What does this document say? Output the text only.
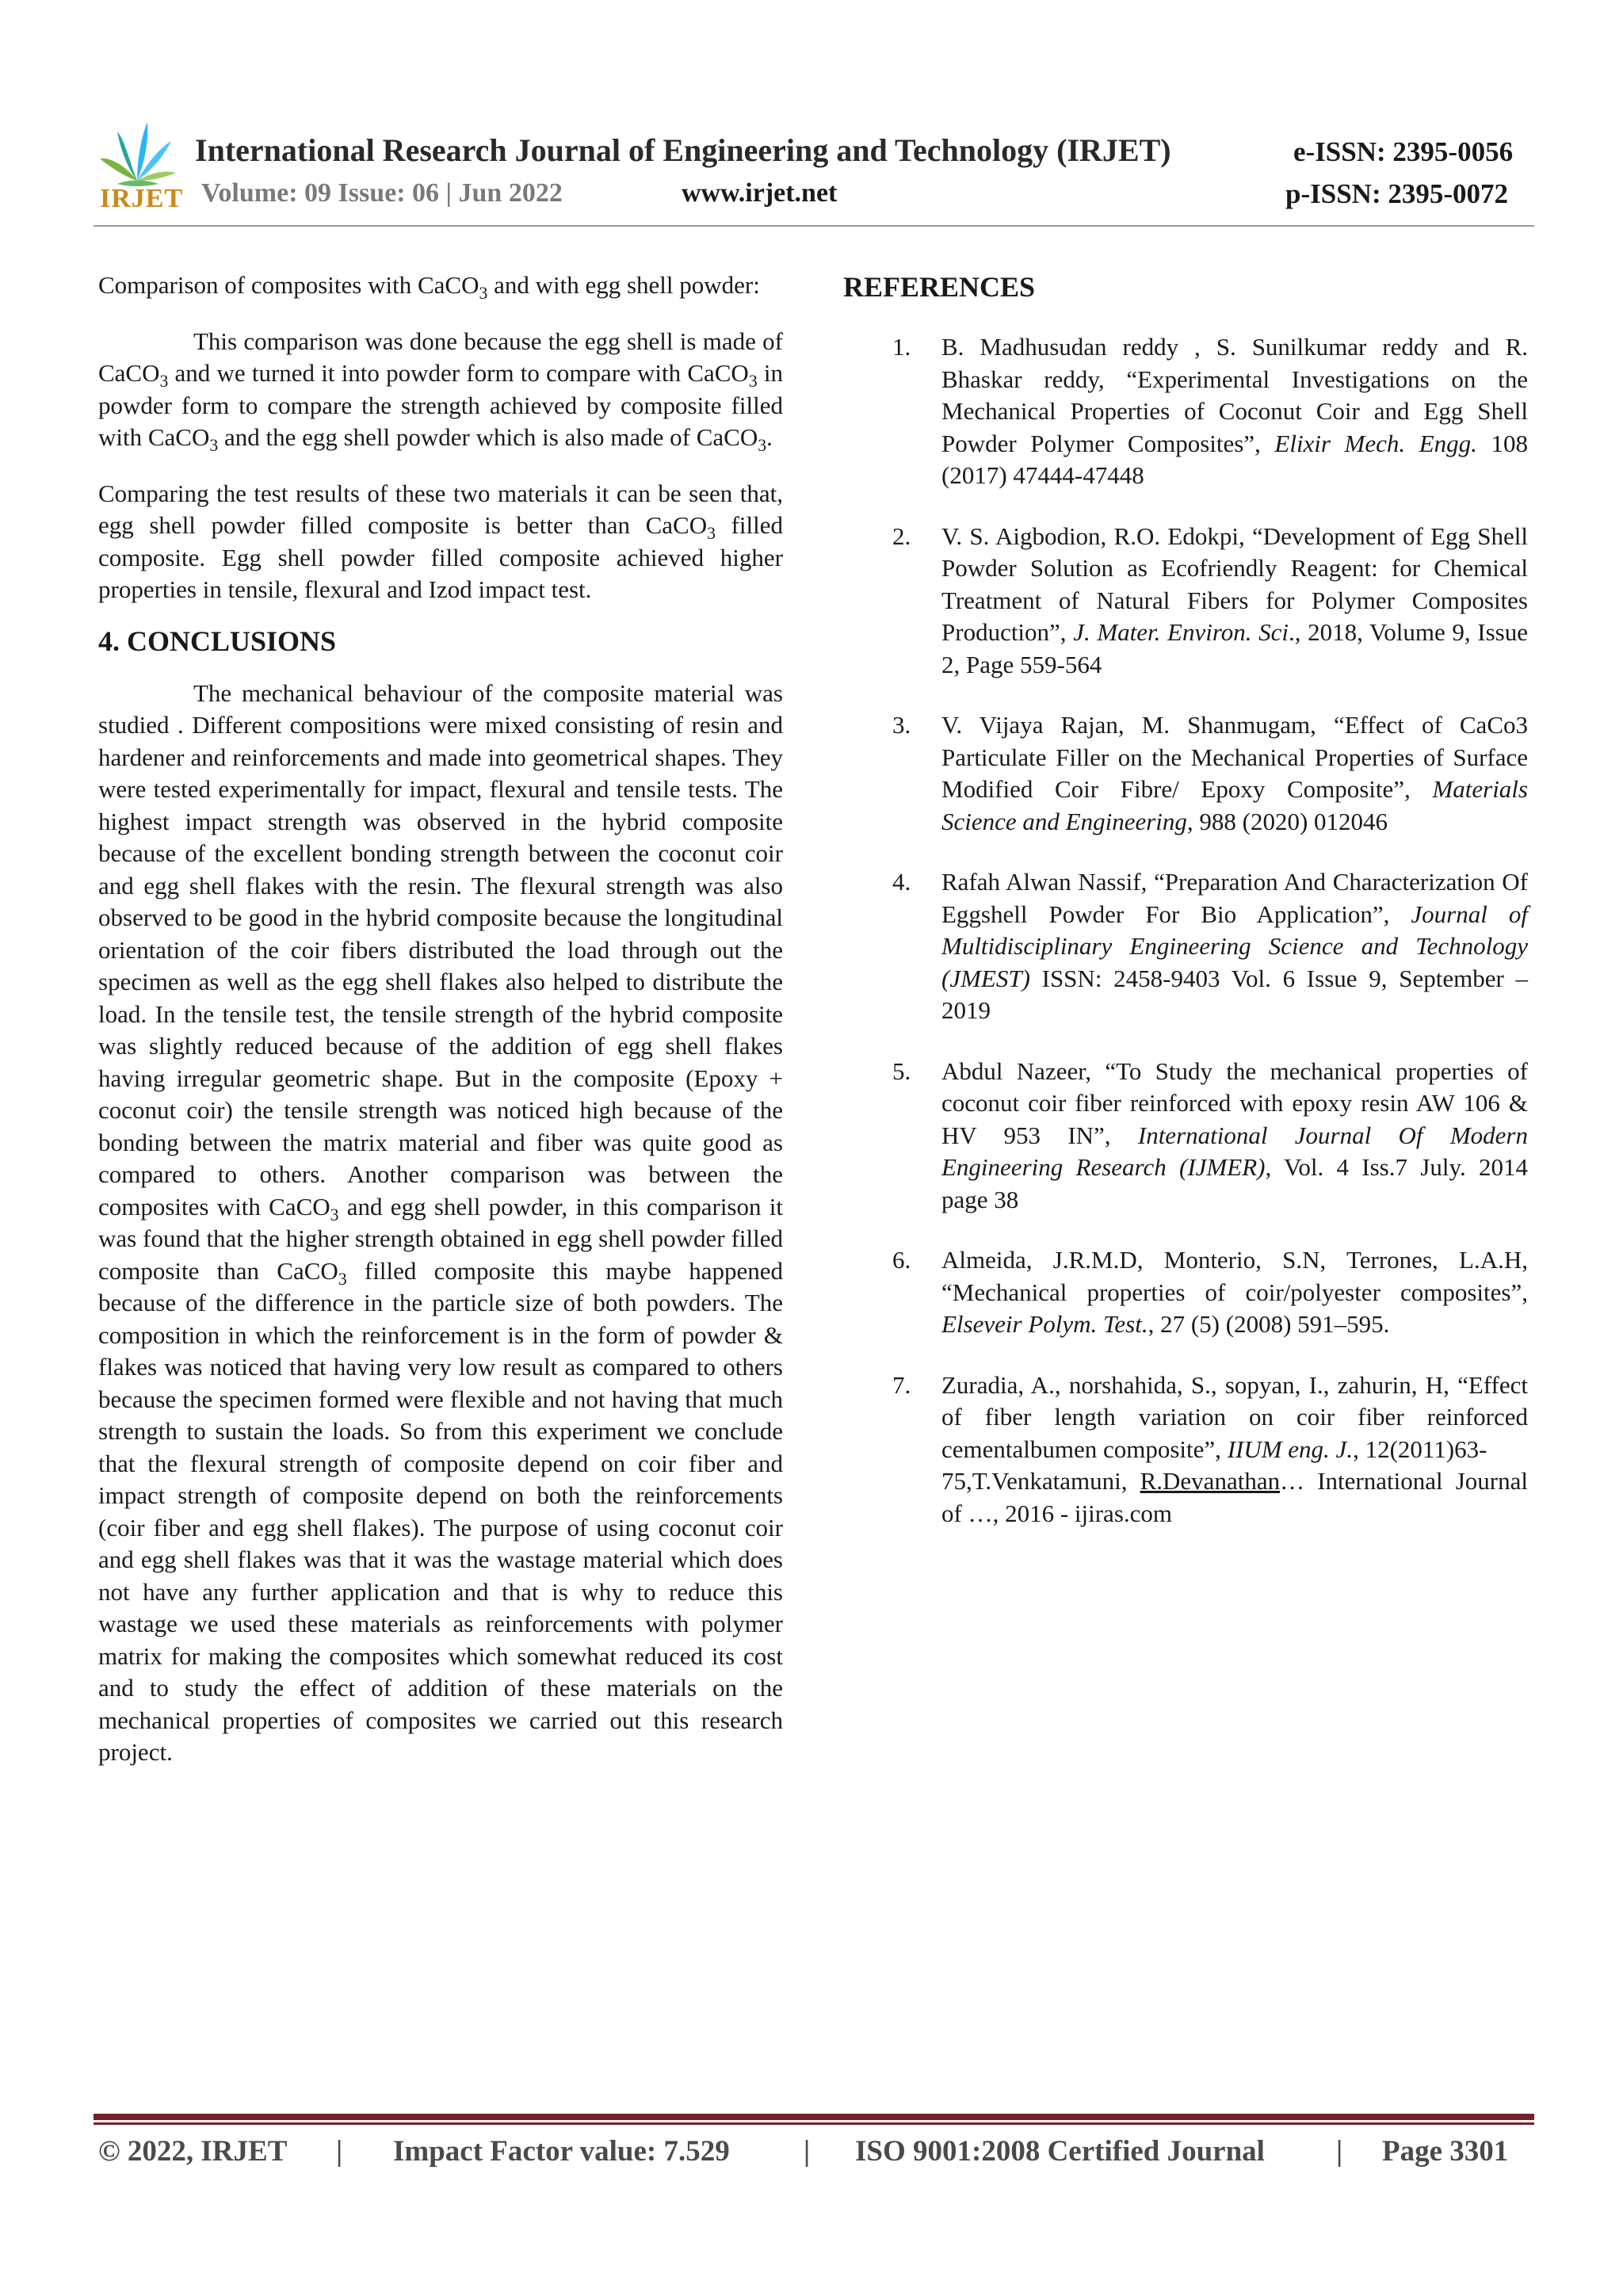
IRJET
International Research Journal of Engineering and Technology (IRJET)	e-ISSN: 2395-0056
Volume: 09 Issue: 06 | Jun 2022	www.irjet.net	p-ISSN: 2395-0072

Comparison of composites with CaCO$_3$ and with egg shell powder:

This comparison was done because the egg shell is made of CaCO$_3$ and we turned it into powder form to compare with CaCO$_3$ in powder form to compare the strength achieved by composite filled with CaCO$_3$ and the egg shell powder which is also made of CaCO$_3$.

Comparing the test results of these two materials it can be seen that, egg shell powder filled composite is better than CaCO$_3$ filled composite. Egg shell powder filled composite achieved higher properties in tensile, flexural and Izod impact test.

4. CONCLUSIONS

The mechanical behaviour of the composite material was studied . Different compositions were mixed consisting of resin and hardener and reinforcements and made into geometrical shapes. They were tested experimentally for impact, flexural and tensile tests. The highest impact strength was observed in the hybrid composite because of the excellent bonding strength between the coconut coir and egg shell flakes with the resin. The flexural strength was also observed to be good in the hybrid composite because the longitudinal orientation of the coir fibers distributed the load through out the specimen as well as the egg shell flakes also helped to distribute the load. In the tensile test, the tensile strength of the hybrid composite was slightly reduced because of the addition of egg shell flakes having irregular geometric shape. But in the composite (Epoxy + coconut coir) the tensile strength was noticed high because of the bonding between the matrix material and fiber was quite good as compared to others. Another comparison was between the composites with CaCO$_3$ and egg shell powder, in this comparison it was found that the higher strength obtained in egg shell powder filled composite than CaCO$_3$ filled composite this maybe happened because of the difference in the particle size of both powders. The composition in which the reinforcement is in the form of powder & flakes was noticed that having very low result as compared to others because the specimen formed were flexible and not having that much strength to sustain the loads. So from this experiment we conclude that the flexural strength of composite depend on coir fiber and impact strength of composite depend on both the reinforcements (coir fiber and egg shell flakes). The purpose of using coconut coir and egg shell flakes was that it was the wastage material which does not have any further application and that is why to reduce this wastage we used these materials as reinforcements with polymer matrix for making the composites which somewhat reduced its cost and to study the effect of addition of these materials on the mechanical properties of composites we carried out this research project.

REFERENCES
1. B. Madhusudan reddy , S. Sunilkumar reddy and R. Bhaskar reddy, “Experimental Investigations on the Mechanical Properties of Coconut Coir and Egg Shell Powder Polymer Composites”, Elixir Mech. Engg. 108 (2017) 47444-47448
2. V. S. Aigbodion, R.O. Edokpi, “Development of Egg Shell Powder Solution as Ecofriendly Reagent: for Chemical Treatment of Natural Fibers for Polymer Composites Production”, J. Mater. Environ. Sci., 2018, Volume 9, Issue 2, Page 559-564
3. V. Vijaya Rajan, M. Shanmugam, “Effect of CaCo3 Particulate Filler on the Mechanical Properties of Surface Modified Coir Fibre/ Epoxy Composite”, Materials Science and Engineering, 988 (2020) 012046
4. Rafah Alwan Nassif, “Preparation And Characterization Of Eggshell Powder For Bio Application”, Journal of Multidisciplinary Engineering Science and Technology (JMEST) ISSN: 2458-9403 Vol. 6 Issue 9, September – 2019
5. Abdul Nazeer, “To Study the mechanical properties of coconut coir fiber reinforced with epoxy resin AW 106 & HV 953 IN”, International Journal Of Modern Engineering Research (IJMER), Vol. 4 Iss.7 July. 2014 page 38
6. Almeida, J.R.M.D, Monterio, S.N, Terrones, L.A.H, “Mechanical properties of coir/polyester composites”, Elseveir Polym. Test., 27 (5) (2008) 591–595.
7. Zuradia, A., norshahida, S., sopyan, I., zahurin, H, “Effect of fiber length variation on coir fiber reinforced cementalbumen composite”, IIUM eng. J., 12(2011)63-
75,T.Venkatamuni, R.Devanathan… International Journal of …, 2016 - ijiras.com
© 2022, IRJET | Impact Factor value: 7.529	| ISO 9001:2008 Certified Journal | Page 3301
